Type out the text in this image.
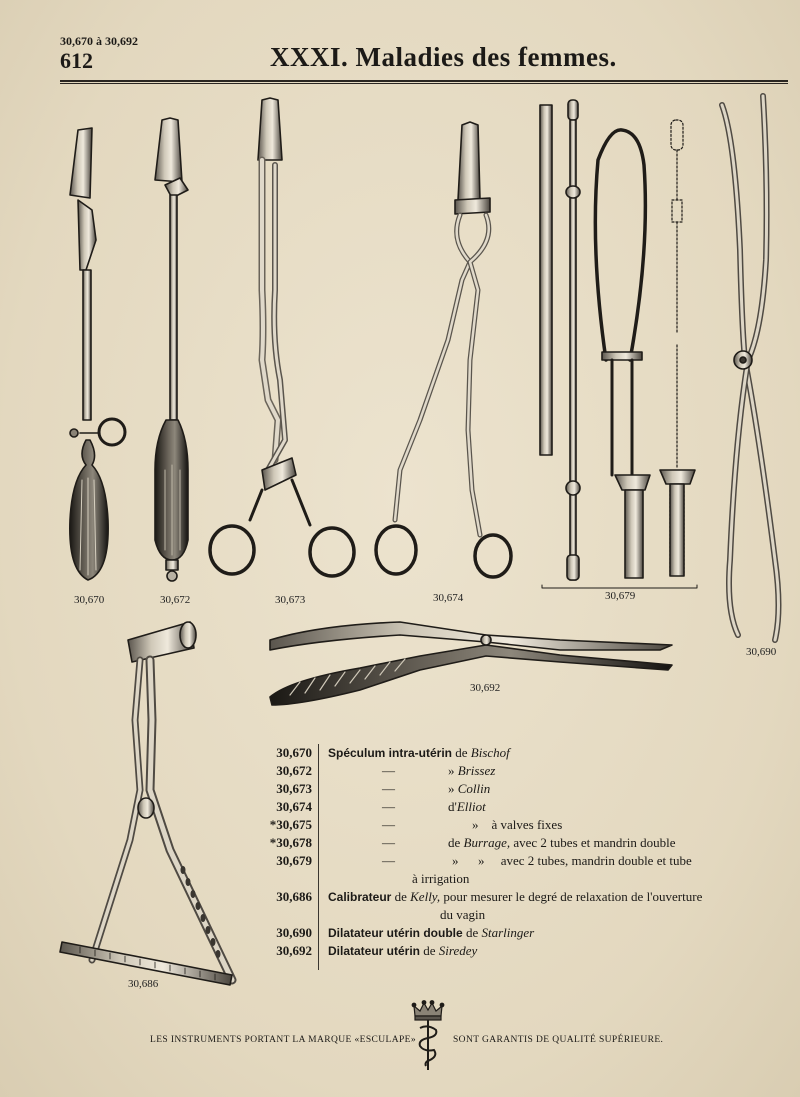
30,670 à 30,692
612	XXXI. Maladies des femmes.
30,670	30,672	30,673	30,674	30,679
30,690
30,692
30,686
30,670 Spéculum intra-utérin de Bischof
30,672	—	» Brissez
30,673	—	» Collin
30,674	—	d'Elliot
*30,675	—	» à valves fixes
*30,678	—	de Burrage, avec 2 tubes et mandrin double
30,679	—	»      » avec 2 tubes, mandrin double et tube
à irrigation
30,686 Calibrateur de Kelly, pour mesurer le degré de relaxation de l'ouverture
du vagin
30,690 Dilatateur utérin double de Starlinger
30,692 Dilatateur utérin de Siredey
LES INSTRUMENTS PORTANT LA MARQUE «ESCULAPE»	SONT GARANTIS DE QUALITÉ SUPÉRIEURE.
